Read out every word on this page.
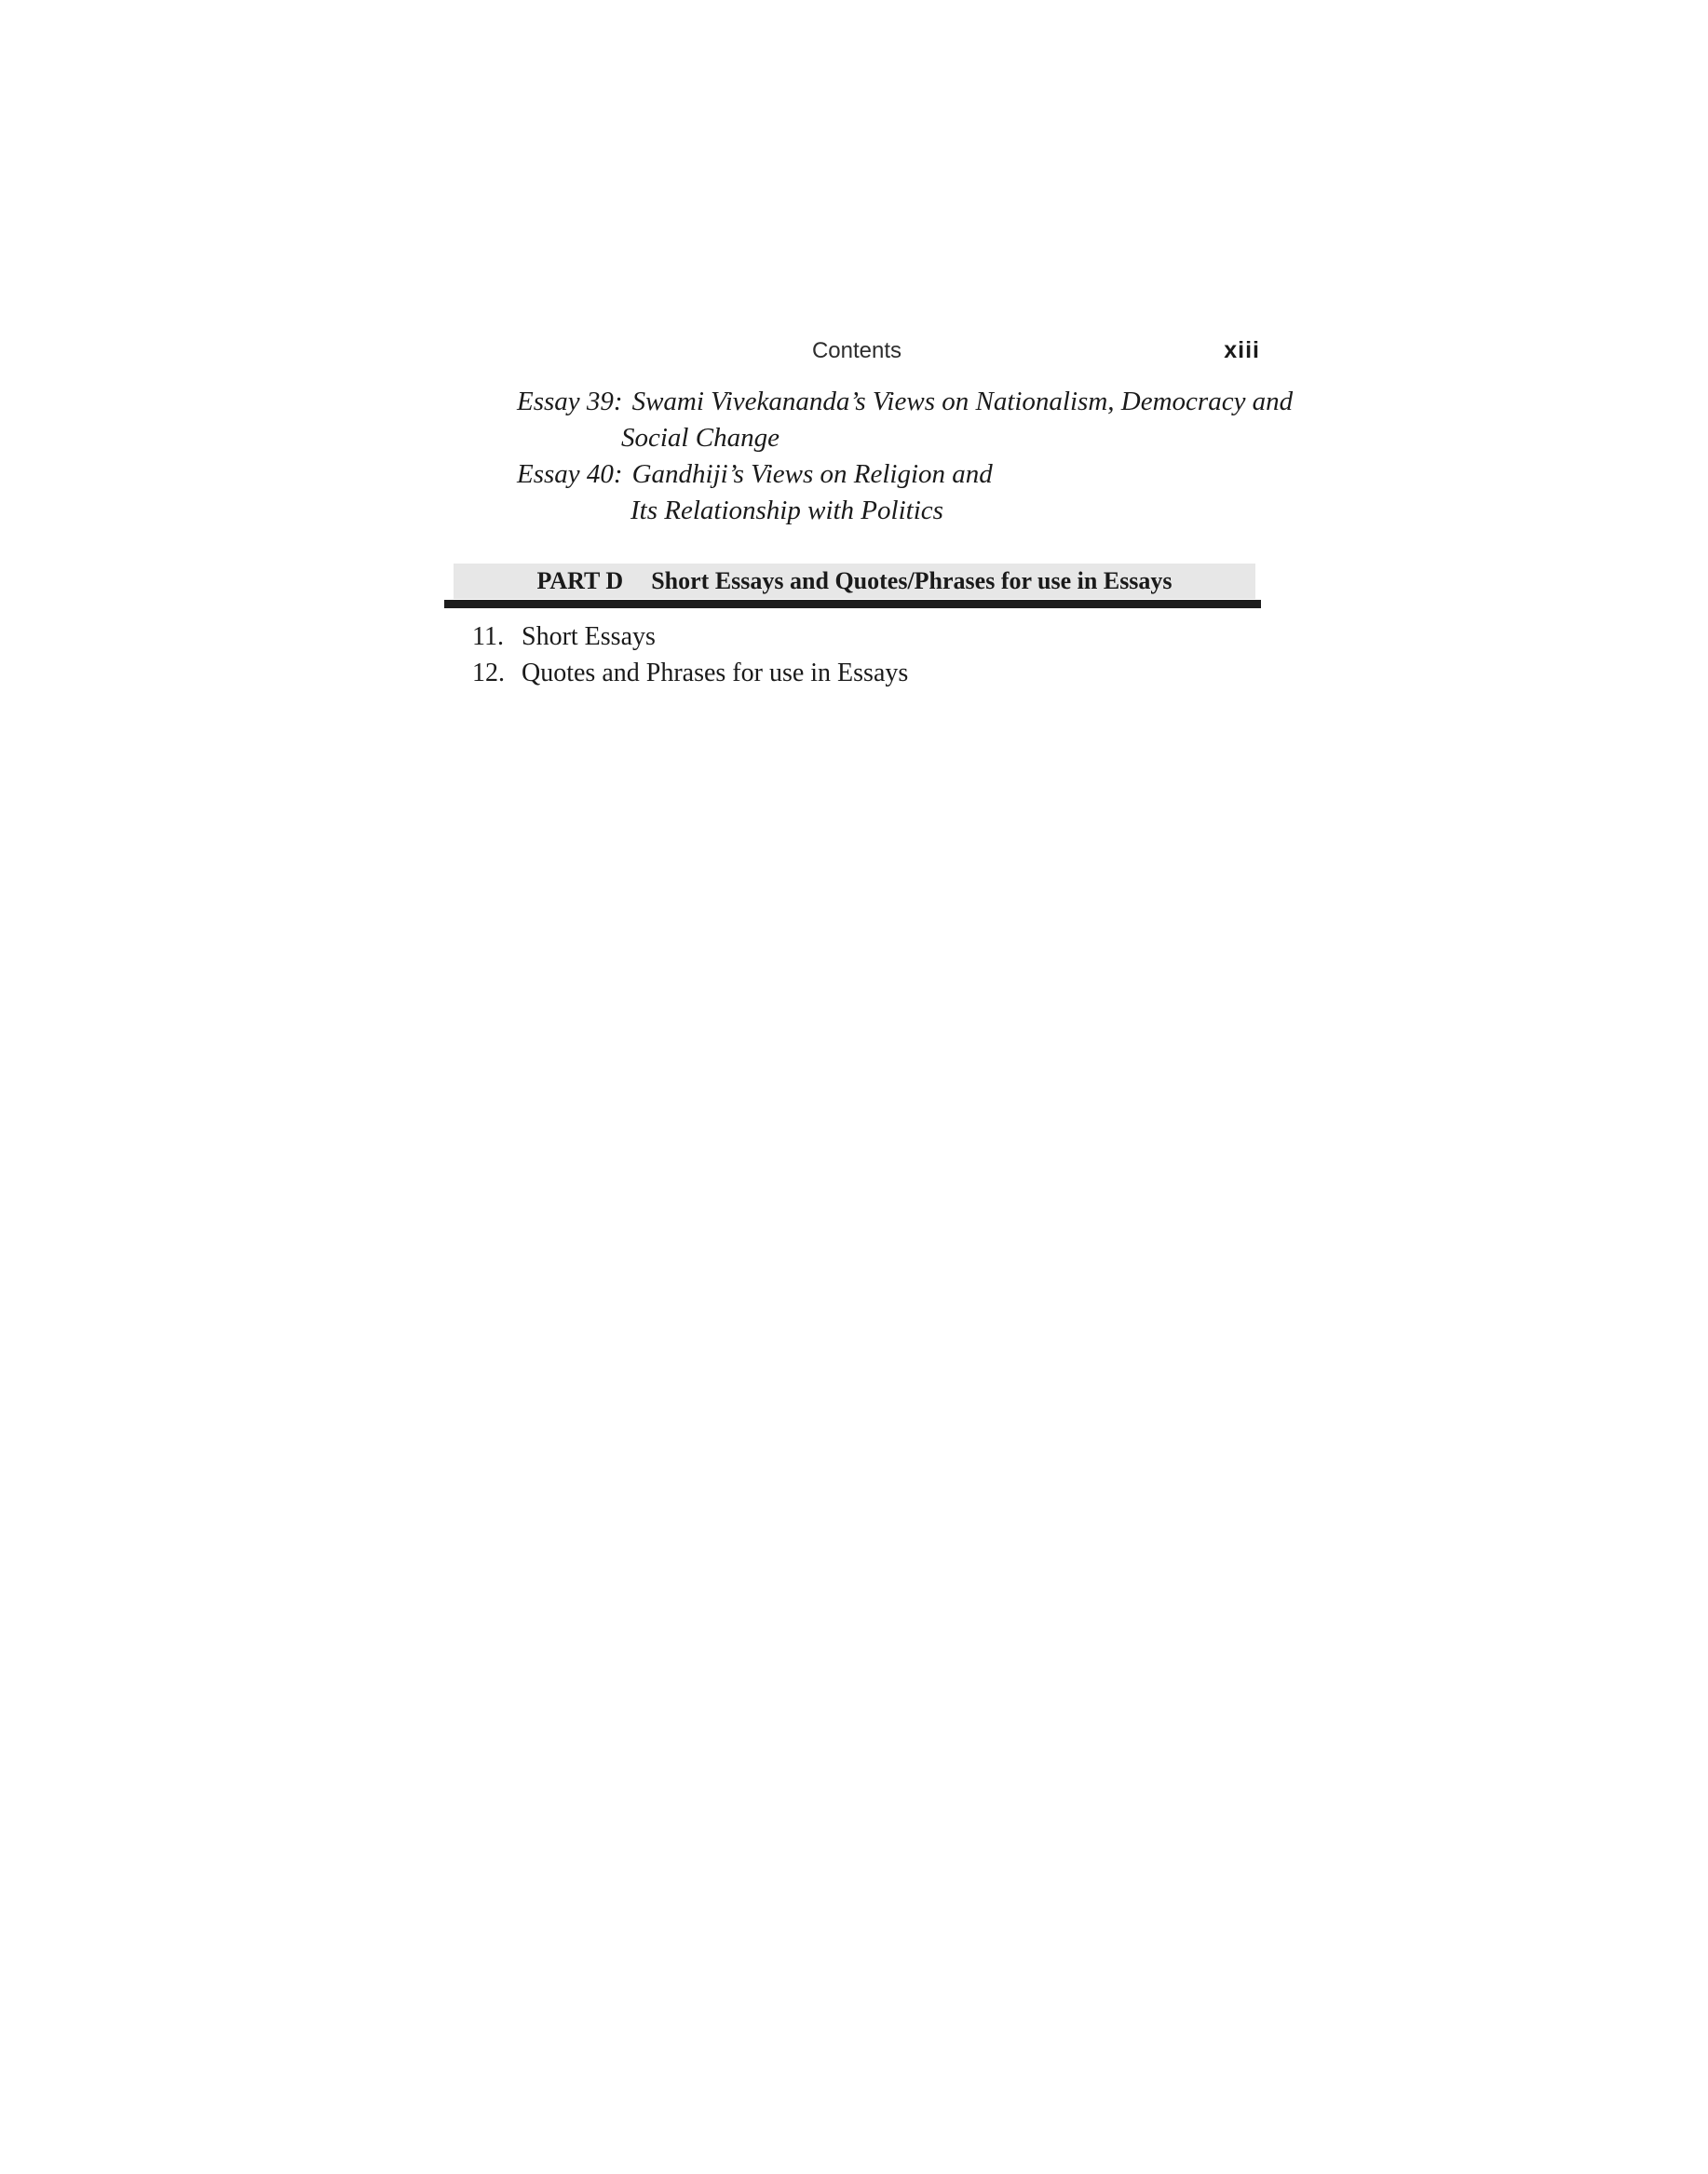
Contents	xiii
Essay 39: Swami Vivekananda’s Views on Nationalism, Democracy and
Social Change
Essay 40: Gandhiji’s Views on Religion and
Its Relationship with Politics
PART D Short Essays and Quotes/Phrases for use in Essays
11. Short Essays
12. Quotes and Phrases for use in Essays
